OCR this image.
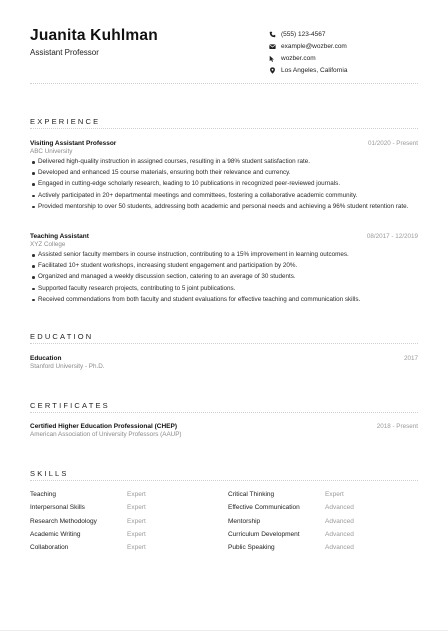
Juanita Kuhlman
Assistant Professor
(555) 123-4567
example@wozber.com
wozber.com
Los Angeles, California
EXPERIENCE
Visiting Assistant Professor	01/2020 - Present
ABC University
Delivered high-quality instruction in assigned courses, resulting in a 98% student satisfaction rate.
Developed and enhanced 15 course materials, ensuring both their relevance and currency.
Engaged in cutting-edge scholarly research, leading to 10 publications in recognized peer-reviewed journals.
Actively participated in 20+ departmental meetings and committees, fostering a collaborative academic community.
Provided mentorship to over 50 students, addressing both academic and personal needs and achieving a 96% student retention rate.
Teaching Assistant	08/2017 - 12/2019
XYZ College
Assisted senior faculty members in course instruction, contributing to a 15% improvement in learning outcomes.
Facilitated 10+ student workshops, increasing student engagement and participation by 20%.
Organized and managed a weekly discussion section, catering to an average of 30 students.
Supported faculty research projects, contributing to 5 joint publications.
Received commendations from both faculty and student evaluations for effective teaching and communication skills.
EDUCATION
Education	2017
Stanford University - Ph.D.
CERTIFICATES
Certified Higher Education Professional (CHEP)	2018 - Present
American Association of University Professors (AAUP)
SKILLS
Teaching	Expert
Interpersonal Skills	Expert
Research Methodology	Expert
Academic Writing	Expert
Collaboration	Expert
Critical Thinking	Expert
Effective Communication	Advanced
Mentorship	Advanced
Curriculum Development	Advanced
Public Speaking	Advanced
